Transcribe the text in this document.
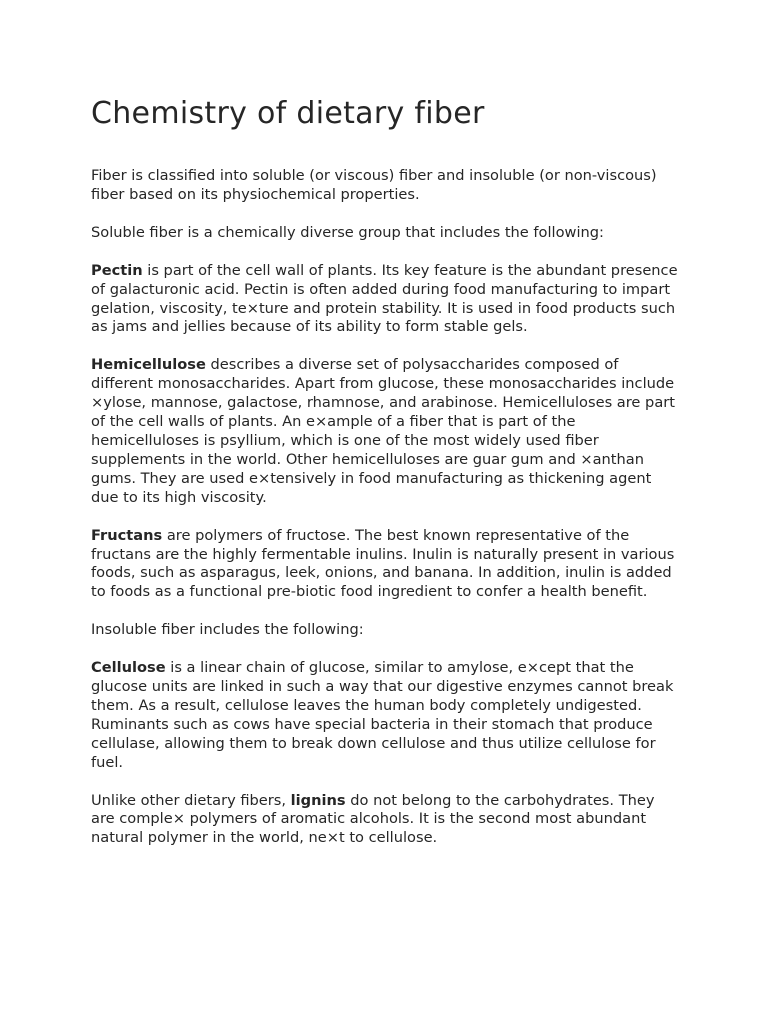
Chemistry of dietary fiber

Fiber is classified into soluble (or viscous) fiber and insoluble (or non-viscous) fiber based on its physiochemical properties.

Soluble fiber is a chemically diverse group that includes the following:

Pectin is part of the cell wall of plants. Its key feature is the abundant presence of galacturonic acid. Pectin is often added during food manufacturing to impart gelation, viscosity, te×ture and protein stability. It is used in food products such as jams and jellies because of its ability to form stable gels.

Hemicellulose describes a diverse set of polysaccharides composed of different monosaccharides. Apart from glucose, these monosaccharides include ×ylose, mannose, galactose, rhamnose, and arabinose. Hemicelluloses are part of the cell walls of plants. An e×ample of a fiber that is part of the hemicelluloses is psyllium, which is one of the most widely used fiber supplements in the world. Other hemicelluloses are guar gum and ×anthan gums. They are used e×tensively in food manufacturing as thickening agent due to its high viscosity.

Fructans are polymers of fructose. The best known representative of the fructans are the highly fermentable inulins. Inulin is naturally present in various foods, such as asparagus, leek, onions, and banana. In addition, inulin is added to foods as a functional pre-biotic food ingredient to confer a health benefit.

Insoluble fiber includes the following:

Cellulose is a linear chain of glucose, similar to amylose, e×cept that the glucose units are linked in such a way that our digestive enzymes cannot break them. As a result, cellulose leaves the human body completely undigested. Ruminants such as cows have special bacteria in their stomach that produce cellulase, allowing them to break down cellulose and thus utilize cellulose for fuel.

Unlike other dietary fibers, lignins do not belong to the carbohydrates. They are comple× polymers of aromatic alcohols. It is the second most abundant natural polymer in the world, ne×t to cellulose.
